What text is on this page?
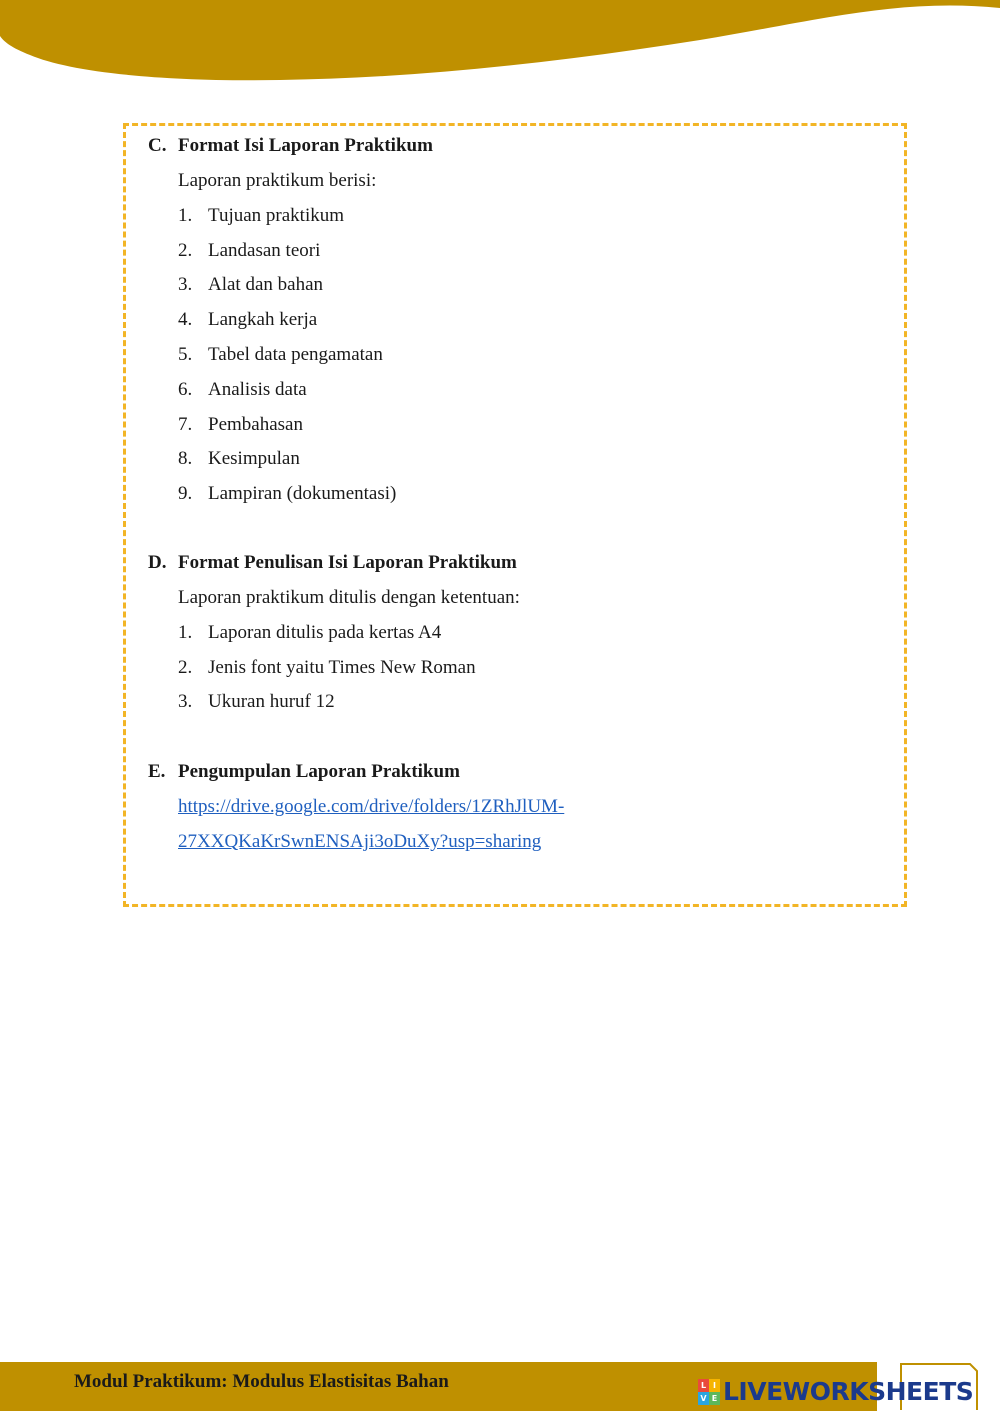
C. Format Isi Laporan Praktikum
Laporan praktikum berisi:
1. Tujuan praktikum
2. Landasan teori
3. Alat dan bahan
4. Langkah kerja
5. Tabel data pengamatan
6. Analisis data
7. Pembahasan
8. Kesimpulan
9. Lampiran (dokumentasi)
D. Format Penulisan Isi Laporan Praktikum
Laporan praktikum ditulis dengan ketentuan:
1. Laporan ditulis pada kertas A4
2. Jenis font yaitu Times New Roman
3. Ukuran huruf 12
E. Pengumpulan Laporan Praktikum
https://drive.google.com/drive/folders/1ZRhJlUM-
27XXQKaKrSwnENSAji3oDuXy?usp=sharing
Modul Praktikum: Modulus Elastisitas Bahan	L I
V E LIVEWORKSHEETS
